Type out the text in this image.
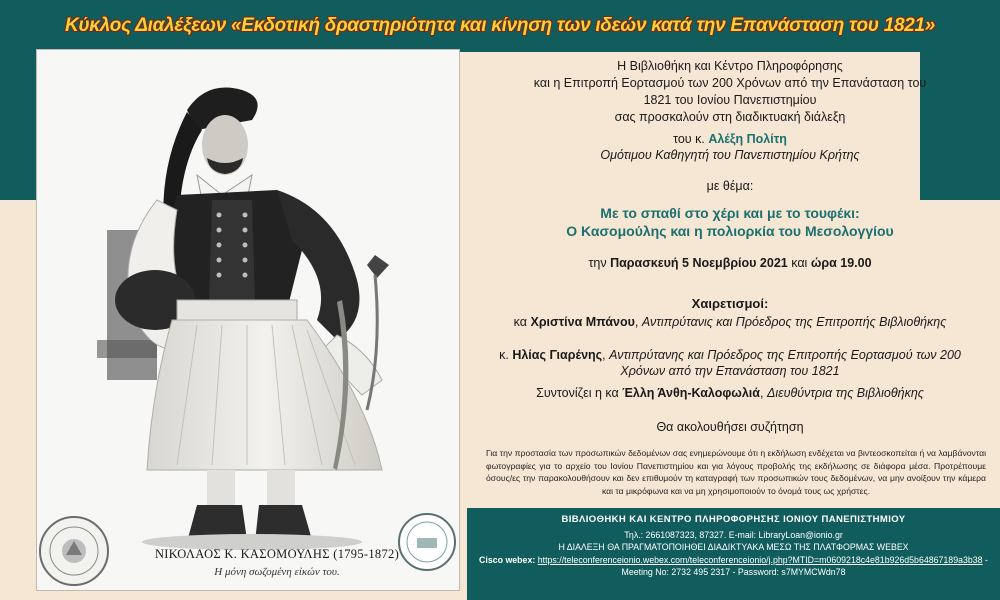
Κύκλος Διαλέξεων «Εκδοτική δραστηριότητα και κίνηση των ιδεών κατά την Επανάσταση του 1821»
ΝΙΚΟΛΑΟΣ Κ. ΚΑΣΟΜΟΥΛΗΣ (1795-1872)
Η μόνη σωζομένη εἰκών του.
Η Βιβλιοθήκη και Κέντρο Πληροφόρησης
και η Επιτροπή Εορτασμού των 200 Χρόνων από την Επανάσταση του
1821 του Ιονίου Πανεπιστημίου
σας προσκαλούν στη διαδικτυακή διάλεξη
του κ. Αλέξη Πολίτη
Ομότιμου Καθηγητή του Πανεπιστημίου Κρήτης
με θέμα:
Με το σπαθί στο χέρι και με το τουφέκι:
Ο Κασομούλης και η πολιορκία του Μεσολογγίου
την Παρασκευή 5 Νοεμβρίου 2021 και ώρα 19.00
Χαιρετισμοί:
κα Χριστίνα Μπάνου, Αντιπρύτανις και Πρόεδρος της Επιτροπής Βιβλιοθήκης
κ. Ηλίας Γιαρένης, Αντιπρύτανης και Πρόεδρος της Επιτροπής Εορτασμού των 200 Χρόνων από την Επανάσταση του 1821
Συντονίζει η κα Έλλη Άνθη-Καλοφωλιά, Διευθύντρια της Βιβλιοθήκης
Θα ακολουθήσει συζήτηση
Για την προστασία των προσωπικών δεδομένων σας ενημερώνουμε ότι η εκδήλωση ενδέχεται να βιντεοσκοπείται ή να λαμβάνονται φωτογραφίες για το αρχείο του Ιονίου Πανεπιστημίου και για λόγους προβολής της εκδήλωσης σε διάφορα μέσα. Προτρέπουμε όσους/ες την παρακολουθήσουν και δεν επιθυμούν τη καταγραφή των προσωπικών τους δεδομένων, να μην ανοίξουν την κάμερα και τα μικρόφωνα και να μη χρησιμοποιούν το όνομά τους ως χρήστες.
ΒΙΒΛΙΟΘΗΚΗ ΚΑΙ ΚΕΝΤΡΟ ΠΛΗΡΟΦΟΡΗΣΗΣ ΙΟΝΙΟΥ ΠΑΝΕΠΙΣΤΗΜΙΟΥ
Τηλ.: 2661087323, 87327. E-mail: LibraryLoan@ionio.gr
Η ΔΙΑΛΕΞΗ ΘΑ ΠΡΑΓΜΑΤΟΠΟΙΗΘΕΙ ΔΙΑΔΙΚΤΥΑΚΑ ΜΕΣΩ ΤΗΣ ΠΛΑΤΦΟΡΜΑΣ WEBEX
Cisco webex: https://teleconferenceionio.webex.com/teleconferenceionio/j.php?MTID=m0609218c4e81b926d5b64867189a3b38 - Meeting No: 2732 495 2317 - Password: s7MYMCWdn78
